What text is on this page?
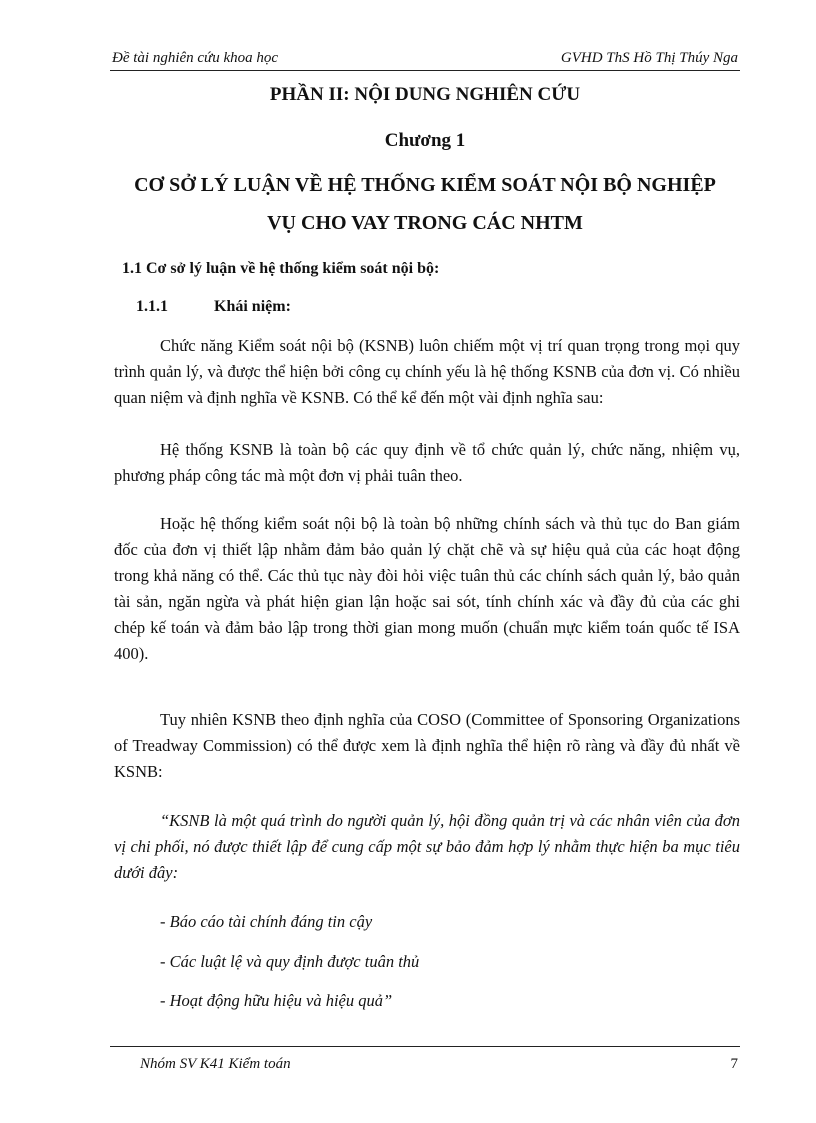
Đề tài nghiên cứu khoa học	GVHD ThS Hồ Thị Thúy Nga
PHẦN II: NỘI DUNG NGHIÊN CỨU
Chương 1
CƠ SỞ LÝ LUẬN VỀ HỆ THỐNG KIỂM SOÁT NỘI BỘ NGHIỆP
VỤ CHO VAY TRONG CÁC NHTM
1.1 Cơ sở lý luận về hệ thống kiểm soát nội bộ:
1.1.1	Khái niệm:

Chức năng Kiểm soát nội bộ (KSNB) luôn chiếm một vị trí quan trọng trong mọi quy trình quản lý, và được thể hiện bởi công cụ chính yếu là hệ thống KSNB của đơn vị. Có nhiều quan niệm và định nghĩa về KSNB. Có thể kể đến một vài định nghĩa sau:

Hệ thống KSNB là toàn bộ các quy định về tổ chức quản lý, chức năng, nhiệm vụ, phương pháp công tác mà một đơn vị phải tuân theo.

Hoặc hệ thống kiểm soát nội bộ là toàn bộ những chính sách và thủ tục do Ban giám đốc của đơn vị thiết lập nhằm đảm bảo quản lý chặt chẽ và sự hiệu quả của các hoạt động trong khả năng có thể. Các thủ tục này đòi hỏi việc tuân thủ các chính sách quản lý, bảo quản tài sản, ngăn ngừa và phát hiện gian lận hoặc sai sót, tính chính xác và đầy đủ của các ghi chép kế toán và đảm bảo lập trong thời gian mong muốn (chuẩn mực kiểm toán quốc tế ISA 400).

Tuy nhiên KSNB theo định nghĩa của COSO (Committee of Sponsoring Organizations of Treadway Commission) có thể được xem là định nghĩa thể hiện rõ ràng và đầy đủ nhất về KSNB:

“KSNB là một quá trình do người quản lý, hội đồng quản trị và các nhân viên của đơn vị chi phối, nó được thiết lập để cung cấp một sự bảo đảm hợp lý nhằm thực hiện ba mục tiêu dưới đây:

- Báo cáo tài chính đáng tin cậy
- Các luật lệ và quy định được tuân thủ
- Hoạt động hữu hiệu và hiệu quả”
Nhóm SV K41 Kiểm toán	7
